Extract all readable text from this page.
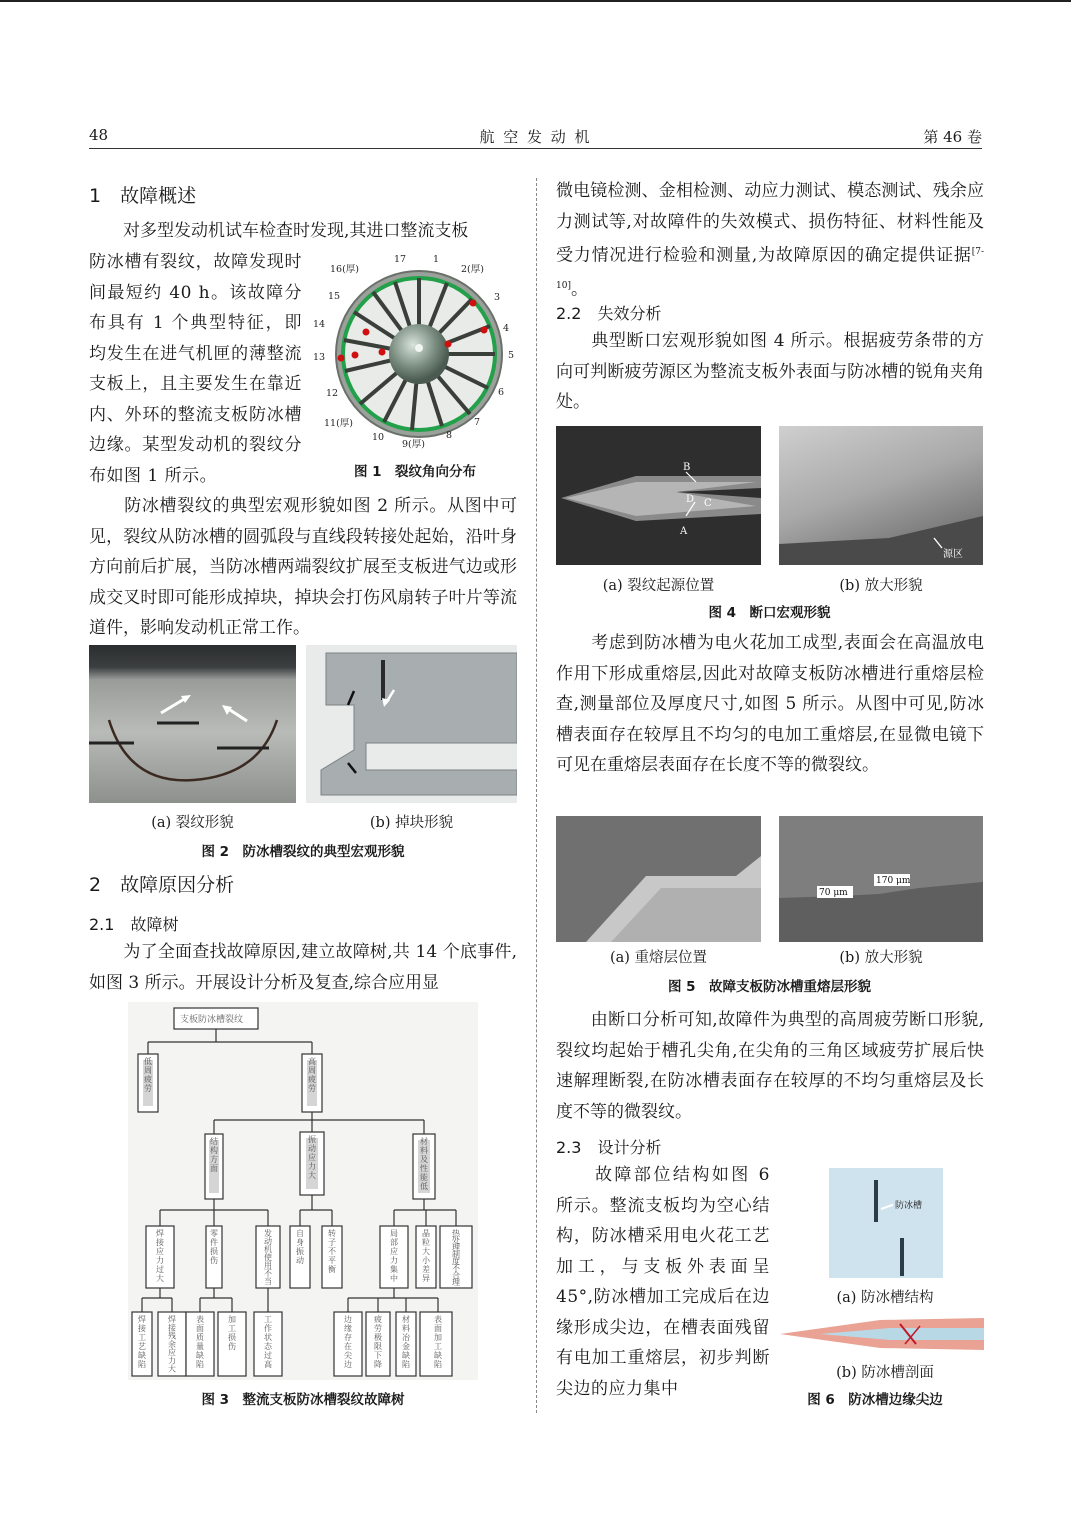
48	航 空 发 动 机	第 46 卷
1　故障概述
　　对多型发动机试车检查时发现,其进口整流支板
防冰槽有裂纹，故障发现时间最短约 40 h。该故障分布具有 1 个典型特征，即均发生在进气机匣的薄整流支板上，且主要发生在靠近内、外环的整流支板防冰槽边缘。某型发动机的裂纹分布如图 1 所示。
17	1
2(厚)
3
4
5
6
7
8
9(厚)
10
11(厚)
12
13
14
15
16(厚)
图 1　裂纹角向分布
　　防冰槽裂纹的典型宏观形貌如图 2 所示。从图中可见，裂纹从防冰槽的圆弧段与直线段转接处起始，沿叶身方向前后扩展，当防冰槽两端裂纹扩展至支板进气边或形成交叉时即可能形成掉块，掉块会打伤风扇转子叶片等流道件，影响发动机正常工作。
(a) 裂纹形貌	(b) 掉块形貌
图 2　防冰槽裂纹的典型宏观形貌
2　故障原因分析
2.1　故障树
　　为了全面查找故障原因,建立故障树,共 14 个底事件,如图 3 所示。开展设计分析及复查,综合应用显
支板防冰槽裂纹
低周疲劳
高周疲劳
结构方面
振动应力大
材料及性能低
焊接应力过大
零件损伤
发动机使用不当
自身振动
转子不平衡
局部应力集中
晶粒大小差异
热处理制度不合理
焊接工艺缺陷
焊接残余应力大
表面质量缺陷
加工损伤
工作状态过高
边缘存在尖边
疲劳极限下降
材料冶金缺陷
表面加工缺陷
图 3　整流支板防冰槽裂纹故障树
微电镜检测、金相检测、动应力测试、模态测试、残余应力测试等,对故障件的失效模式、损伤特征、材料性能及受力情况进行检验和测量,为故障原因的确定提供证据[7-10]。
2.2　失效分析
　　典型断口宏观形貌如图 4 所示。根据疲劳条带的方向可判断疲劳源区为整流支板外表面与防冰槽的锐角夹角处。
B
D C
A
源区
(a) 裂纹起源位置	(b) 放大形貌
图 4　断口宏观形貌
　　考虑到防冰槽为电火花加工成型,表面会在高温放电作用下形成重熔层,因此对故障支板防冰槽进行重熔层检查,测量部位及厚度尺寸,如图 5 所示。从图中可见,防冰槽表面存在较厚且不均匀的电加工重熔层,在显微电镜下可见在重熔层表面存在长度不等的微裂纹。
170 μm
70 μm
(a) 重熔层位置	(b) 放大形貌
图 5　故障支板防冰槽重熔层形貌
　　由断口分析可知,故障件为典型的高周疲劳断口形貌,裂纹均起始于槽孔尖角,在尖角的三角区域疲劳扩展后快速解理断裂,在防冰槽表面存在较厚的不均匀重熔层及长度不等的微裂纹。
2.3　设计分析
　　故障部位结构如图 6 所示。整流支板均为空心结构，防冰槽采用电火花工艺加工，与支板外表面呈 45°,防冰槽加工完成后在边缘形成尖边，在槽表面残留有电加工重熔层，初步判断尖边的应力集中
防冰槽
(a) 防冰槽结构
(b) 防冰槽剖面
图 6　防冰槽边缘尖边
